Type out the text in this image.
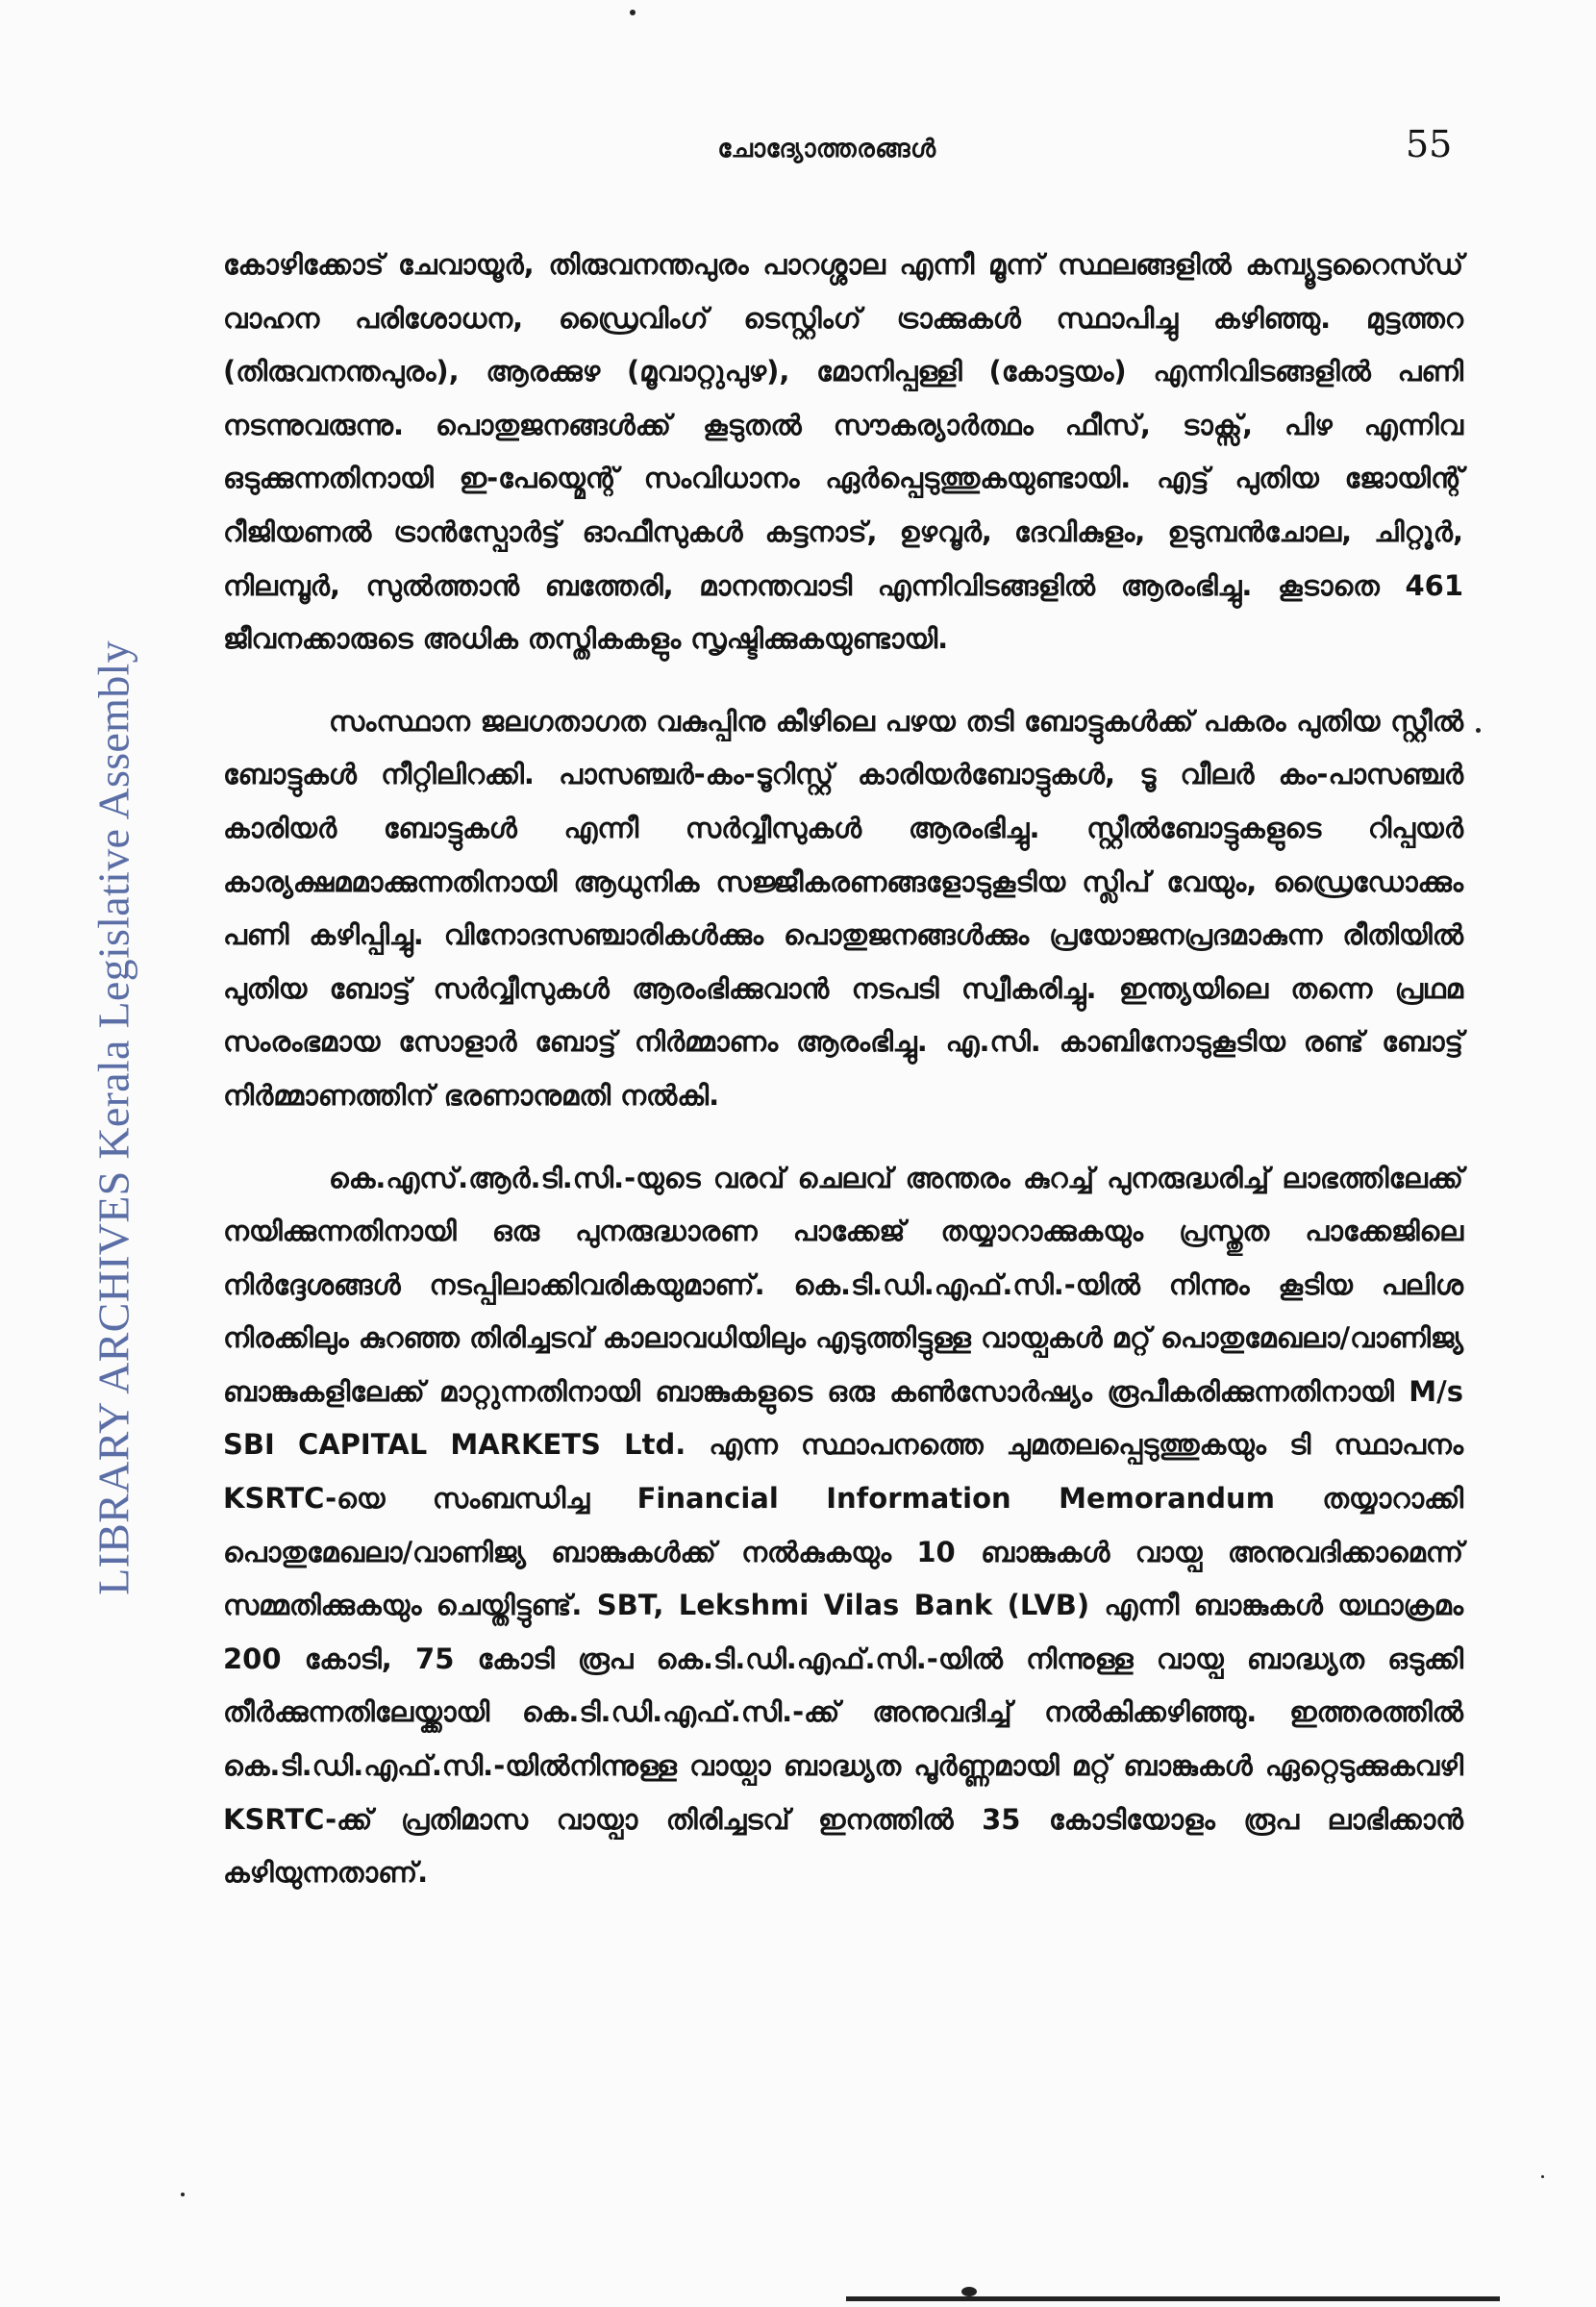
ചോദ്യോത്തരങ്ങൾ	55
LIBRARY ARCHIVES Kerala Legislative Assembly

കോഴിക്കോട് ചേവായൂർ, തിരുവനന്തപുരം പാറശ്ശാല എന്നീ മൂന്ന് സ്ഥലങ്ങളിൽ കമ്പ്യൂട്ടറൈസ്ഡ് വാഹന പരിശോധന, ഡ്രൈവിംഗ് ടെസ്റ്റിംഗ് ട്രാക്കുകൾ സ്ഥാപിച്ചു കഴിഞ്ഞു. മുട്ടത്തറ (തിരുവനന്തപുരം), ആരക്കുഴ (മൂവാറ്റുപുഴ), മോനിപ്പള്ളി (കോട്ടയം) എന്നിവിടങ്ങളിൽ പണി നടന്നുവരുന്നു. പൊതുജനങ്ങൾക്ക് കൂടുതൽ സൗകര്യാർത്ഥം ഫീസ്, ടാക്സ്, പിഴ എന്നിവ ഒടുക്കുന്നതിനായി ഇ-പേയ്മെന്റ് സംവിധാനം ഏർപ്പെടുത്തുകയുണ്ടായി. എട്ട് പുതിയ ജോയിന്റ് റീജിയണൽ ട്രാൻസ്പോർട്ട് ഓഫീസുകൾ കട്ടനാട്, ഉഴവൂർ, ദേവികുളം, ഉടുമ്പൻചോല, ചിറ്റൂർ, നിലമ്പൂർ, സുൽത്താൻ ബത്തേരി, മാനന്തവാടി എന്നിവിടങ്ങളിൽ ആരംഭിച്ചു. കൂടാതെ 461 ജീവനക്കാരുടെ അധിക തസ്തികകളും സൃഷ്ടിക്കുകയുണ്ടായി.

സംസ്ഥാന ജലഗതാഗത വകുപ്പിനു കീഴിലെ പഴയ തടി ബോട്ടുകൾക്ക് പകരം പുതിയ സ്റ്റീൽ ബോട്ടുകൾ നീറ്റിലിറക്കി. പാസഞ്ചർ-കം-ടൂറിസ്റ്റ് കാരിയർബോട്ടുകൾ, ടൂ വീലർ കം-പാസഞ്ചർ കാരിയർ ബോട്ടുകൾ എന്നീ സർവ്വീസുകൾ ആരംഭിച്ചു. സ്റ്റീൽബോട്ടുകളുടെ റിപ്പയർ കാര്യക്ഷമമാക്കുന്നതിനായി ആധുനിക സജ്ജീകരണങ്ങളോടുകൂടിയ സ്ലിപ് വേയും, ഡ്രൈഡോക്കും പണി കഴിപ്പിച്ചു. വിനോദസഞ്ചാരികൾക്കും പൊതുജനങ്ങൾക്കും പ്രയോജനപ്രദമാകുന്ന രീതിയിൽ പുതിയ ബോട്ട് സർവ്വീസുകൾ ആരംഭിക്കുവാൻ നടപടി സ്വീകരിച്ചു. ഇന്ത്യയിലെ തന്നെ പ്രഥമ സംരംഭമായ സോളാർ ബോട്ട് നിർമ്മാണം ആരംഭിച്ചു. എ.സി. കാബിനോടുകൂടിയ രണ്ട് ബോട്ട് നിർമ്മാണത്തിന് ഭരണാനുമതി നൽകി.

കെ.എസ്.ആർ.ടി.സി.-യുടെ വരവ് ചെലവ് അന്തരം കുറച്ച് പുനരുദ്ധരിച്ച് ലാഭത്തിലേക്ക് നയിക്കുന്നതിനായി ഒരു പുനരുദ്ധാരണ പാക്കേജ് തയ്യാറാക്കുകയും പ്രസ്തുത പാക്കേജിലെ നിർദ്ദേശങ്ങൾ നടപ്പിലാക്കിവരികയുമാണ്. കെ.ടി.ഡി.എഫ്.സി.-യിൽ നിന്നും കൂടിയ പലിശ നിരക്കിലും കുറഞ്ഞ തിരിച്ചടവ് കാലാവധിയിലും എടുത്തിട്ടുള്ള വായ്പകൾ മറ്റ് പൊതുമേഖലാ/വാണിജ്യ ബാങ്കുകളിലേക്ക് മാറ്റുന്നതിനായി ബാങ്കുകളുടെ ഒരു കൺസോർഷ്യം രൂപീകരിക്കുന്നതിനായി M/s SBI CAPITAL MARKETS Ltd. എന്ന സ്ഥാപനത്തെ ചുമതലപ്പെടുത്തുകയും ടി സ്ഥാപനം KSRTC-യെ സംബന്ധിച്ച Financial Information Memorandum തയ്യാറാക്കി പൊതുമേഖലാ/വാണിജ്യ ബാങ്കുകൾക്ക് നൽകുകയും 10 ബാങ്കുകൾ വായ്പ അനുവദിക്കാമെന്ന് സമ്മതിക്കുകയും ചെയ്തിട്ടുണ്ട്. SBT, Lekshmi Vilas Bank (LVB) എന്നീ ബാങ്കുകൾ യഥാക്രമം 200 കോടി, 75 കോടി രൂപ കെ.ടി.ഡി.എഫ്.സി.-യിൽ നിന്നുള്ള വായ്പ ബാദ്ധ്യത ഒടുക്കി തീർക്കുന്നതിലേയ്ക്കായി കെ.ടി.ഡി.എഫ്.സി.-ക്ക് അനുവദിച്ച് നൽകിക്കഴിഞ്ഞു. ഇത്തരത്തിൽ കെ.ടി.ഡി.എഫ്.സി.-യിൽനിന്നുള്ള വായ്പാ ബാദ്ധ്യത പൂർണ്ണമായി മറ്റ് ബാങ്കുകൾ ഏറ്റെടുക്കുകവഴി KSRTC-ക്ക് പ്രതിമാസ വായ്പാ തിരിച്ചടവ് ഇനത്തിൽ 35 കോടിയോളം രൂപ ലാഭിക്കാൻ കഴിയുന്നതാണ്.
